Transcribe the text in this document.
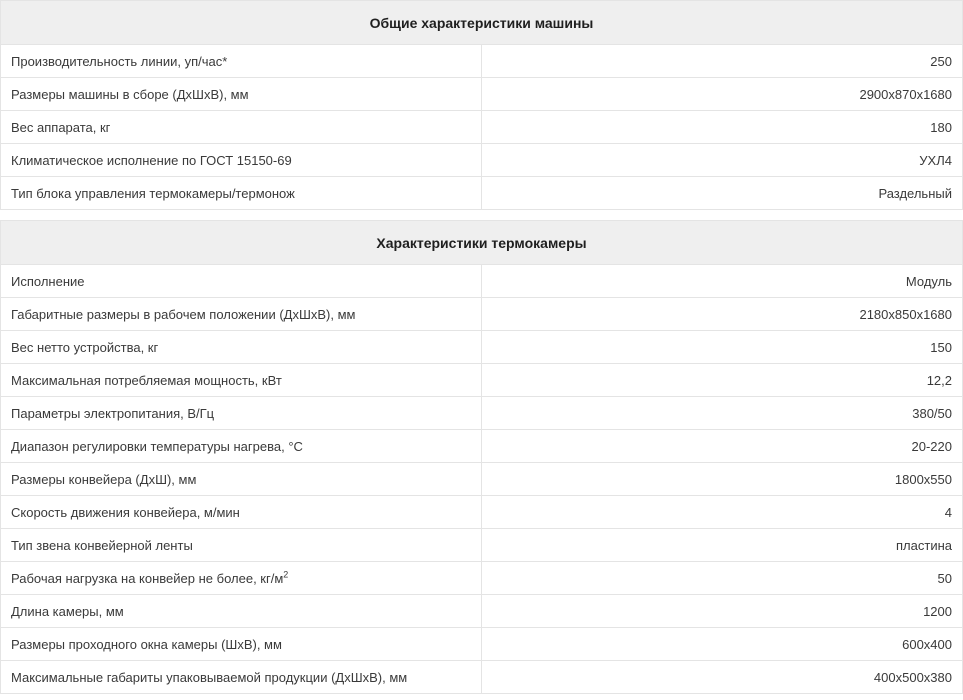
Общие характеристики машины	
Производительность линии, уп/час*	250
Размеры машины в сборе (ДхШхВ), мм	2900х870х1680
Вес аппарата, кг	180
Климатическое исполнение по ГОСТ 15150-69	УХЛ4
Тип блока управления термокамеры/термонож	Раздельный
Характеристики термокамеры	
Исполнение	Модуль
Габаритные размеры в рабочем положении (ДхШхВ), мм	2180х850х1680
Вес нетто устройства, кг	150
Максимальная потребляемая мощность, кВт	12,2
Параметры электропитания, В/Гц	380/50
Диапазон регулировки температуры нагрева, °С	20-220
Размеры конвейера (ДхШ), мм	1800х550
Скорость движения конвейера, м/мин	4
Тип звена конвейерной ленты	пластина
Рабочая нагрузка на конвейер не более, $кг/м^2$	50
Длина камеры, мм	1200
Размеры проходного окна камеры (ШхВ), мм	600х400
Максимальные габариты упаковываемой продукции (ДхШхВ), мм	400х500х380
